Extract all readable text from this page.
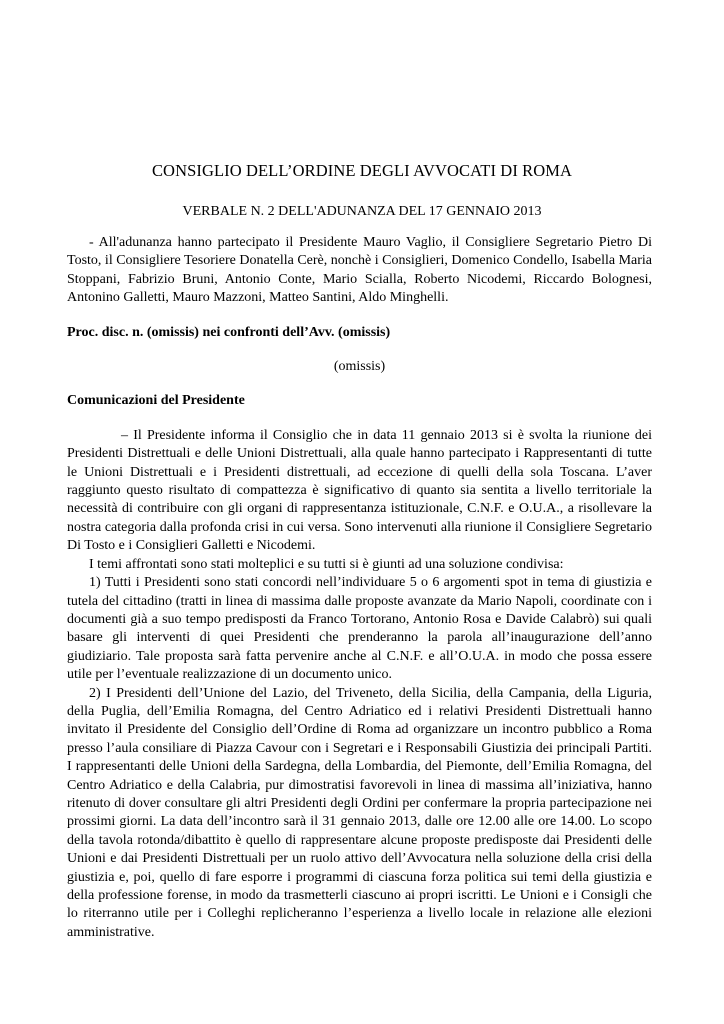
CONSIGLIO DELL’ORDINE DEGLI AVVOCATI DI ROMA
VERBALE N. 2 DELL'ADUNANZA DEL 17 GENNAIO 2013

- All'adunanza hanno partecipato il Presidente Mauro Vaglio, il Consigliere Segretario Pietro Di Tosto, il Consigliere Tesoriere Donatella Cerè, nonchè i Consiglieri, Domenico Condello, Isabella Maria Stoppani, Fabrizio Bruni, Antonio Conte, Mario Scialla, Roberto Nicodemi, Riccardo Bolognesi, Antonino Galletti, Mauro Mazzoni, Matteo Santini, Aldo Minghelli.

Proc. disc. n. (omissis) nei confronti dell’Avv. (omissis)

(omissis)

Comunicazioni del Presidente

– Il Presidente informa il Consiglio che in data 11 gennaio 2013 si è svolta la riunione dei Presidenti Distrettuali e delle Unioni Distrettuali, alla quale hanno partecipato i Rappresentanti di tutte le Unioni Distrettuali e i Presidenti distrettuali, ad eccezione di quelli della sola Toscana. L’aver raggiunto questo risultato di compattezza è significativo di quanto sia sentita a livello territoriale la necessità di contribuire con gli organi di rappresentanza istituzionale, C.N.F. e O.U.A., a risollevare la nostra categoria dalla profonda crisi in cui versa. Sono intervenuti alla riunione il Consigliere Segretario Di Tosto e i Consiglieri Galletti e Nicodemi.

I temi affrontati sono stati molteplici e su tutti si è giunti ad una soluzione condivisa:

1) Tutti i Presidenti sono stati concordi nell’individuare 5 o 6 argomenti spot in tema di giustizia e tutela del cittadino (tratti in linea di massima dalle proposte avanzate da Mario Napoli, coordinate con i documenti già a suo tempo predisposti da Franco Tortorano, Antonio Rosa e Davide Calabrò) sui quali basare gli interventi di quei Presidenti che prenderanno la parola all’inaugurazione dell’anno giudiziario. Tale proposta sarà fatta pervenire anche al C.N.F. e all’O.U.A. in modo che possa essere utile per l’eventuale realizzazione di un documento unico.

2) I Presidenti dell’Unione del Lazio, del Triveneto, della Sicilia, della Campania, della Liguria, della Puglia, dell’Emilia Romagna, del Centro Adriatico ed i relativi Presidenti Distrettuali hanno invitato il Presidente del Consiglio dell’Ordine di Roma ad organizzare un incontro pubblico a Roma presso l’aula consiliare di Piazza Cavour con i Segretari e i Responsabili Giustizia dei principali Partiti. I rappresentanti delle Unioni della Sardegna, della Lombardia, del Piemonte, dell’Emilia Romagna, del Centro Adriatico e della Calabria, pur dimostratisi favorevoli in linea di massima all’iniziativa, hanno ritenuto di dover consultare gli altri Presidenti degli Ordini per confermare la propria partecipazione nei prossimi giorni. La data dell’incontro sarà il 31 gennaio 2013, dalle ore 12.00 alle ore 14.00. Lo scopo della tavola rotonda/dibattito è quello di rappresentare alcune proposte predisposte dai Presidenti delle Unioni e dai Presidenti Distrettuali per un ruolo attivo dell’Avvocatura nella soluzione della crisi della giustizia e, poi, quello di fare esporre i programmi di ciascuna forza politica sui temi della giustizia e della professione forense, in modo da trasmetterli ciascuno ai propri iscritti. Le Unioni e i Consigli che lo riterranno utile per i Colleghi replicheranno l’esperienza a livello locale in relazione alle elezioni amministrative.
